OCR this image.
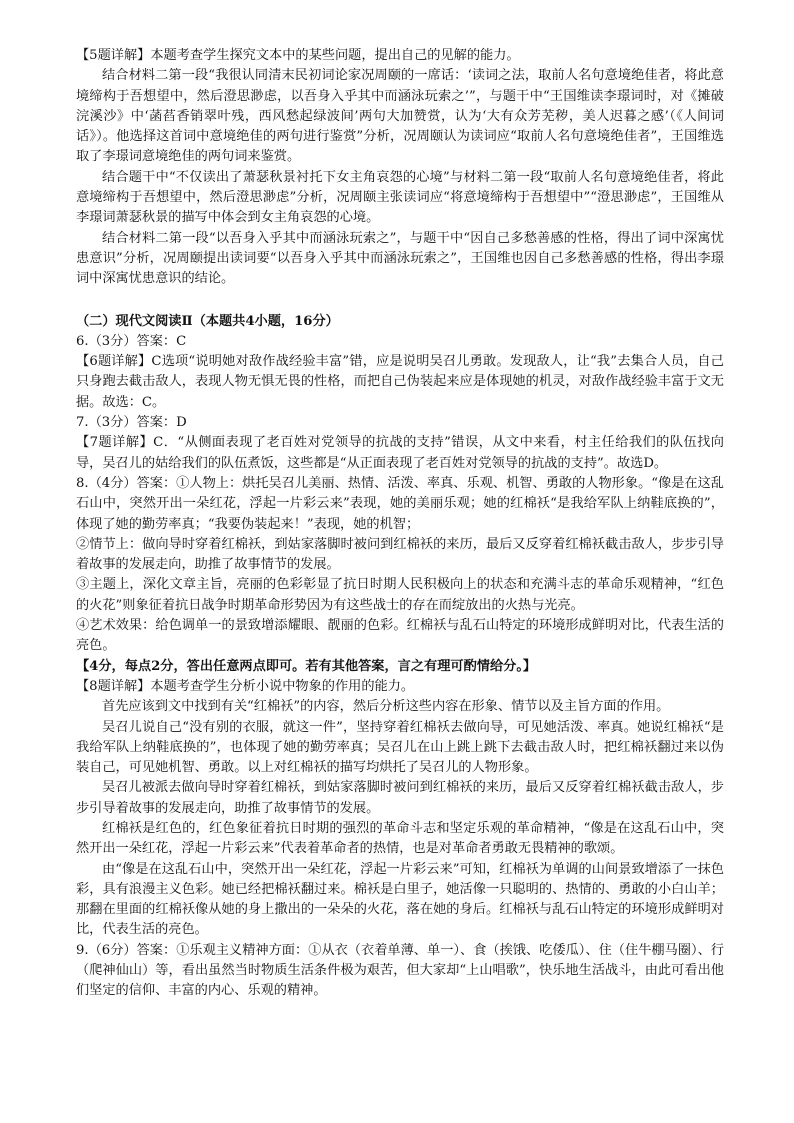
【5题详解】本题考查学生探究文本中的某些问题，提出自己的见解的能力。

结合材料二第一段“我很认同清末民初词论家况周颐的一席话：‘读词之法，取前人名句意境绝佳者，将此意境缔构于吾想望中，然后澄思渺虑，以吾身入乎其中而涵泳玩索之’”，与题干中“王国维读李璟词时，对《摊破浣溪沙》中‘菡萏香销翠叶残，西风愁起绿波间’两句大加赞赏，认为‘大有众芳芜秽，美人迟暮之感’（《人间词话》）。他选择这首词中意境绝佳的两句进行鉴赏”分析，况周颐认为读词应“取前人名句意境绝佳者”，王国维选取了李璟词意境绝佳的两句词来鉴赏。

结合题干中“不仅读出了萧瑟秋景衬托下女主角哀怨的心境”与材料二第一段“取前人名句意境绝佳者，将此意境缔构于吾想望中，然后澄思渺虑”分析，况周颐主张读词应“将意境缔构于吾想望中”“澄思渺虑”，王国维从李璟词萧瑟秋景的描写中体会到女主角哀怨的心境。

结合材料二第一段“以吾身入乎其中而涵泳玩索之”，与题干中“因自己多愁善感的性格，得出了词中深寓忧患意识”分析，况周颐提出读词要“以吾身入乎其中而涵泳玩索之”，王国维也因自己多愁善感的性格，得出李璟词中深寓忧患意识的结论。

（二）现代文阅读Ⅱ（本题共4小题，16分）

6.（3分）答案：C

【6题详解】C选项“说明她对敌作战经验丰富”错，应是说明吴召儿勇敢。发现敌人，让“我”去集合人员，自己只身跑去截击敌人，表现人物无惧无畏的性格，而把自己伪装起来应是体现她的机灵，对敌作战经验丰富于文无据。故选：C。

7.（3分）答案：D

【7题详解】C．“从侧面表现了老百姓对党领导的抗战的支持”错误，从文中来看，村主任给我们的队伍找向导，吴召儿的姑给我们的队伍煮饭，这些都是“从正面表现了老百姓对党领导的抗战的支持”。故选D。

8.（4分）答案：①人物上：烘托吴召儿美丽、热情、活泼、率真、乐观、机智、勇敢的人物形象。“像是在这乱石山中，突然开出一朵红花，浮起一片彩云来”表现，她的美丽乐观；她的红棉袄“是我给军队上纳鞋底换的”，体现了她的勤劳率真；“我要伪装起来！”表现，她的机智；

②情节上：做向导时穿着红棉袄，到姑家落脚时被问到红棉袄的来历，最后又反穿着红棉袄截击敌人，步步引导着故事的发展走向，助推了故事情节的发展。

③主题上，深化文章主旨，亮丽的色彩彰显了抗日时期人民积极向上的状态和充满斗志的革命乐观精神，“红色的火花”则象征着抗日战争时期革命形势因为有这些战士的存在而绽放出的火热与光亮。

④艺术效果：给色调单一的景致增添耀眼、靓丽的色彩。红棉袄与乱石山特定的环境形成鲜明对比，代表生活的亮色。

【4分，每点2分，答出任意两点即可。若有其他答案，言之有理可酌情给分。】

【8题详解】本题考查学生分析小说中物象的作用的能力。

首先应该到文中找到有关“红棉袄”的内容，然后分析这些内容在形象、情节以及主旨方面的作用。

吴召儿说自己“没有别的衣服，就这一件”，坚持穿着红棉袄去做向导，可见她活泼、率真。她说红棉袄“是我给军队上纳鞋底换的”，也体现了她的勤劳率真；吴召儿在山上跳上跳下去截击敌人时，把红棉袄翻过来以伪装自己，可见她机智、勇敢。以上对红棉袄的描写均烘托了吴召儿的人物形象。

吴召儿被派去做向导时穿着红棉袄，到姑家落脚时被问到红棉袄的来历，最后又反穿着红棉袄截击敌人，步步引导着故事的发展走向，助推了故事情节的发展。

红棉袄是红色的，红色象征着抗日时期的强烈的革命斗志和坚定乐观的革命精神，“像是在这乱石山中，突然开出一朵红花，浮起一片彩云来”代表着革命者的热情，也是对革命者勇敢无畏精神的歌颂。

由“像是在这乱石山中，突然开出一朵红花，浮起一片彩云来”可知，红棉袄为单调的山间景致增添了一抹色彩，具有浪漫主义色彩。她已经把棉袄翻过来。棉袄是白里子，她活像一只聪明的、热情的、勇敢的小白山羊；那翻在里面的红棉袄像从她的身上撒出的一朵朵的火花，落在她的身后。红棉袄与乱石山特定的环境形成鲜明对比，代表生活的亮色。

9.（6分）答案：①乐观主义精神方面：①从衣（衣着单薄、单一）、食（挨饿、吃倭瓜）、住（住牛棚马圈）、行（爬神仙山）等，看出虽然当时物质生活条件极为艰苦，但大家却“上山唱歌”，快乐地生活战斗，由此可看出他们坚定的信仰、丰富的内心、乐观的精神。
